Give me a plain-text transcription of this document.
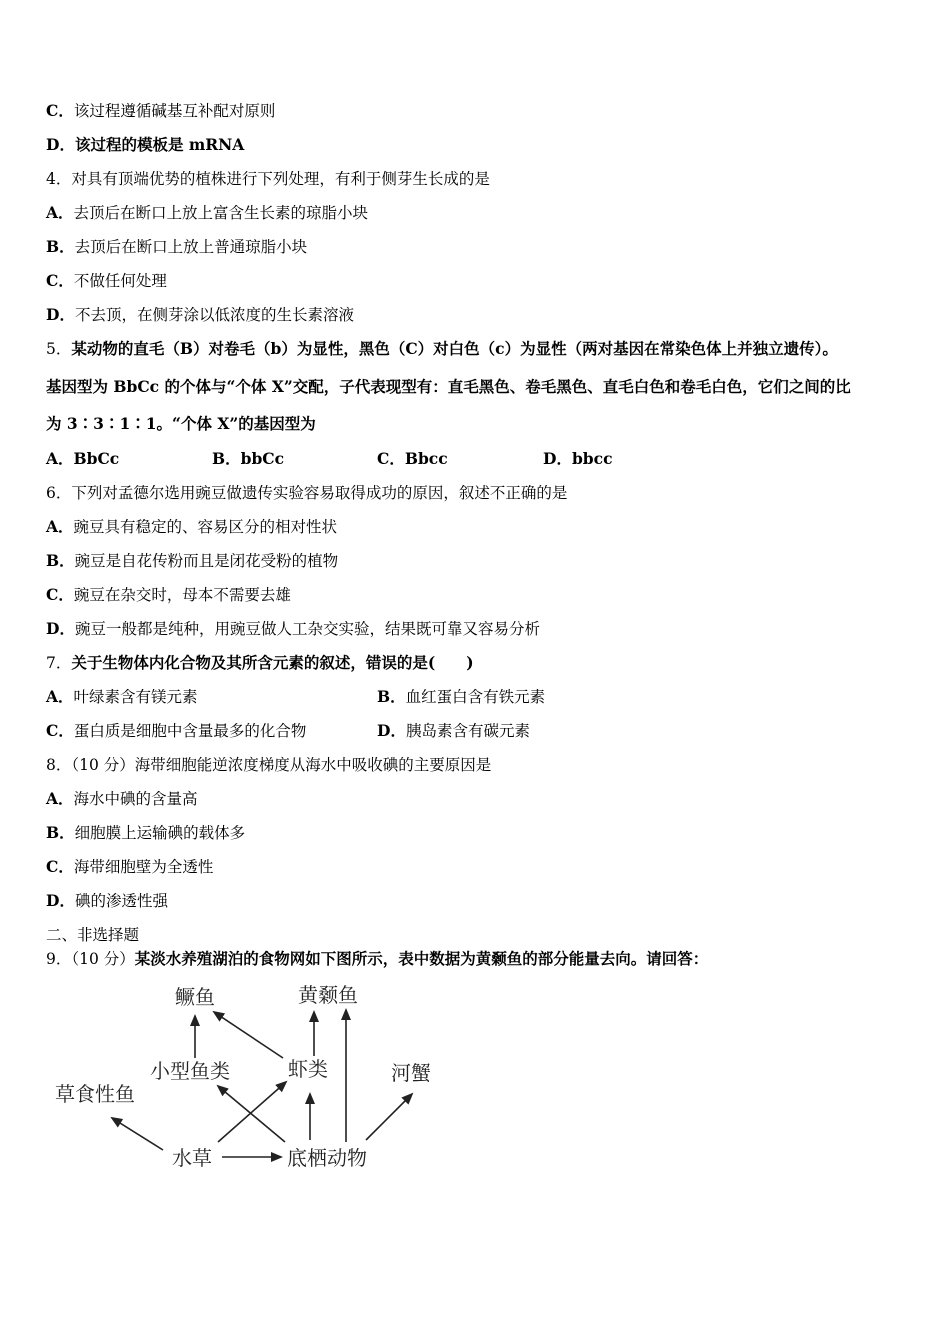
C．该过程遵循碱基互补配对原则
D．该过程的模板是 mRNA
4．对具有顶端优势的植株进行下列处理，有利于侧芽生长成的是
A．去顶后在断口上放上富含生长素的琼脂小块
B．去顶后在断口上放上普通琼脂小块
C．不做任何处理
D．不去顶，在侧芽涂以低浓度的生长素溶液
5．某动物的直毛（B）对卷毛（b）为显性，黑色（C）对白色（c）为显性（两对基因在常染色体上并独立遗传）。
基因型为 BbCc 的个体与“个体 X”交配，子代表现型有：直毛黑色、卷毛黑色、直毛白色和卷毛白色，它们之间的比
为 3∶3∶1∶1。“个体 X”的基因型为
A．BbCc	B．bbCc	C．Bbcc	D．bbcc
6．下列对孟德尔选用豌豆做遗传实验容易取得成功的原因，叙述不正确的是
A．豌豆具有稳定的、容易区分的相对性状
B．豌豆是自花传粉而且是闭花受粉的植物
C．豌豆在杂交时，母本不需要去雄
D．豌豆一般都是纯种，用豌豆做人工杂交实验，结果既可靠又容易分析
7．关于生物体内化合物及其所含元素的叙述，错误的是(　　)
A．叶绿素含有镁元素	B．血红蛋白含有铁元素
C．蛋白质是细胞中含量最多的化合物	D．胰岛素含有碳元素
8．（10 分）海带细胞能逆浓度梯度从海水中吸收碘的主要原因是
A．海水中碘的含量高
B．细胞膜上运输碘的载体多
C．海带细胞壁为全透性
D．碘的渗透性强
二、非选择题
9．（10 分）某淡水养殖湖泊的食物网如下图所示，表中数据为黄颡鱼的部分能量去向。请回答：
鳜鱼	黄颡鱼
小型鱼类	虾类	河蟹
草食性鱼
水草	底栖动物
